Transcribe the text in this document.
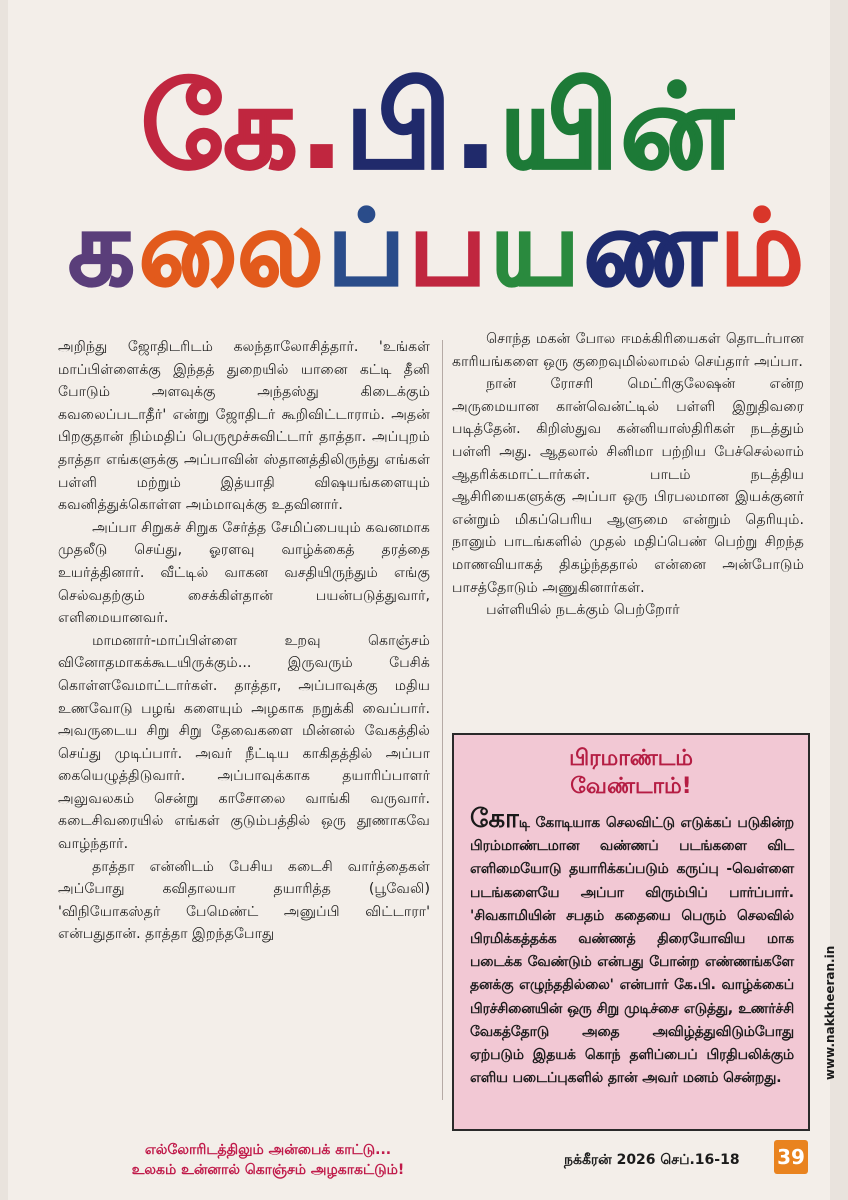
கே.பி.யின்
கலைப்பயணம்

அறிந்து ஜோதிடரிடம் கலந்தாலோசித்தார். 'உங்கள் மாப்பிள்ளைக்கு இந்தத் துறையில் யானை கட்டி தீனி போடும் அளவுக்கு அந்தஸ்து கிடைக்கும் கவலைப்படாதீர்' என்று ஜோதிடர் கூறிவிட்டாராம். அதன் பிறகுதான் நிம்மதிப் பெருமூச்சுவிட்டார் தாத்தா. அப்புறம் தாத்தா எங்களுக்கு அப்பாவின் ஸ்தானத்திலிருந்து எங்கள் பள்ளி மற்றும் இத்யாதி விஷயங்களையும் கவனித்துக்கொள்ள அம்மாவுக்கு உதவினார்.

அப்பா சிறுகச் சிறுக சேர்த்த சேமிப்பையும் கவனமாக முதலீடு செய்து, ஓரளவு வாழ்க்கைத் தரத்தை உயர்த்தினார். வீட்டில் வாகன வசதியிருந்தும் எங்கு செல்வதற்கும் சைக்கிள்தான் பயன்படுத்துவார், எளிமையானவர்.

மாமனார்-மாப்பிள்ளை உறவு கொஞ்சம் வினோதமாகக்கூடயிருக்கும்... இருவரும் பேசிக் கொள்ளவேமாட்டார்கள். தாத்தா, அப்பாவுக்கு மதிய உணவோடு பழங் களையும் அழகாக நறுக்கி வைப்பார். அவருடைய சிறு சிறு தேவைகளை மின்னல் வேகத்தில் செய்து முடிப்பார். அவர் நீட்டிய காகிதத்தில் அப்பா கையெழுத்திடுவார். அப்பாவுக்காக தயாரிப்பாளர் அலுவலகம் சென்று காசோலை வாங்கி வருவார். கடைசிவரையில் எங்கள் குடும்பத்தில் ஒரு தூணாகவே வாழ்ந்தார்.

தாத்தா என்னிடம் பேசிய கடைசி வார்த்தைகள் அப்போது கவிதாலயா தயாரித்த (பூவேலி) 'விநியோகஸ்தர் பேமெண்ட் அனுப்பி விட்டாரா' என்பதுதான். தாத்தா இறந்தபோது

சொந்த மகன் போல ஈமக்கிரியைகள் தொடர்பான காரியங்களை ஒரு குறைவுமில்லாமல் செய்தார் அப்பா.

நான் ரோசரி மெட்ரிகுலேஷன் என்ற அருமையான கான்வென்ட்டில் பள்ளி இறுதிவரை படித்தேன். கிறிஸ்துவ கன்னியாஸ்திரிகள் நடத்தும் பள்ளி அது. ஆதலால் சினிமா பற்றிய பேச்செல்லாம் ஆதரிக்கமாட்டார்கள். பாடம் நடத்திய ஆசிரியைகளுக்கு அப்பா ஒரு பிரபலமான இயக்குனர் என்றும் மிகப்பெரிய ஆளுமை என்றும் தெரியும். நானும் பாடங்களில் முதல் மதிப்பெண் பெற்று சிறந்த மாணவியாகத் திகழ்ந்ததால் என்னை அன்போடும் பாசத்தோடும் அணுகினார்கள்.

பள்ளியில் நடக்கும் பெற்றோர்

பிரமாண்டம்
வேண்டாம்!
கோடி கோடியாக செலவிட்டு எடுக்கப் படுகின்ற பிரம்மாண்டமான வண்ணப் படங்களை விட எளிமையோடு தயாரிக்கப்படும் கருப்பு -வெள்ளை படங்களையே அப்பா விரும்பிப் பார்ப்பார். 'சிவகாமியின் சபதம் கதையை பெரும் செலவில் பிரமிக்கத்தக்க வண்ணத் திரையோவிய மாக படைக்க வேண்டும் என்பது போன்ற எண்ணங்களே தனக்கு எழுந்ததில்லை' என்பார் கே.பி. வாழ்க்கைப் பிரச்சினையின் ஒரு சிறு முடிச்சை எடுத்து, உணர்ச்சி வேகத்தோடு அதை அவிழ்த்துவிடும்போது ஏற்படும் இதயக் கொந் தளிப்பைப் பிரதிபலிக்கும் எளிய படைப்புகளில் தான் அவர் மனம் சென்றது.
எல்லோரிடத்திலும் அன்பைக் காட்டு...
உலகம் உன்னால் கொஞ்சம் அழகாகட்டும்!
நக்கீரன் 2026 செப்.16-18 39
www.nakkheeran.in
